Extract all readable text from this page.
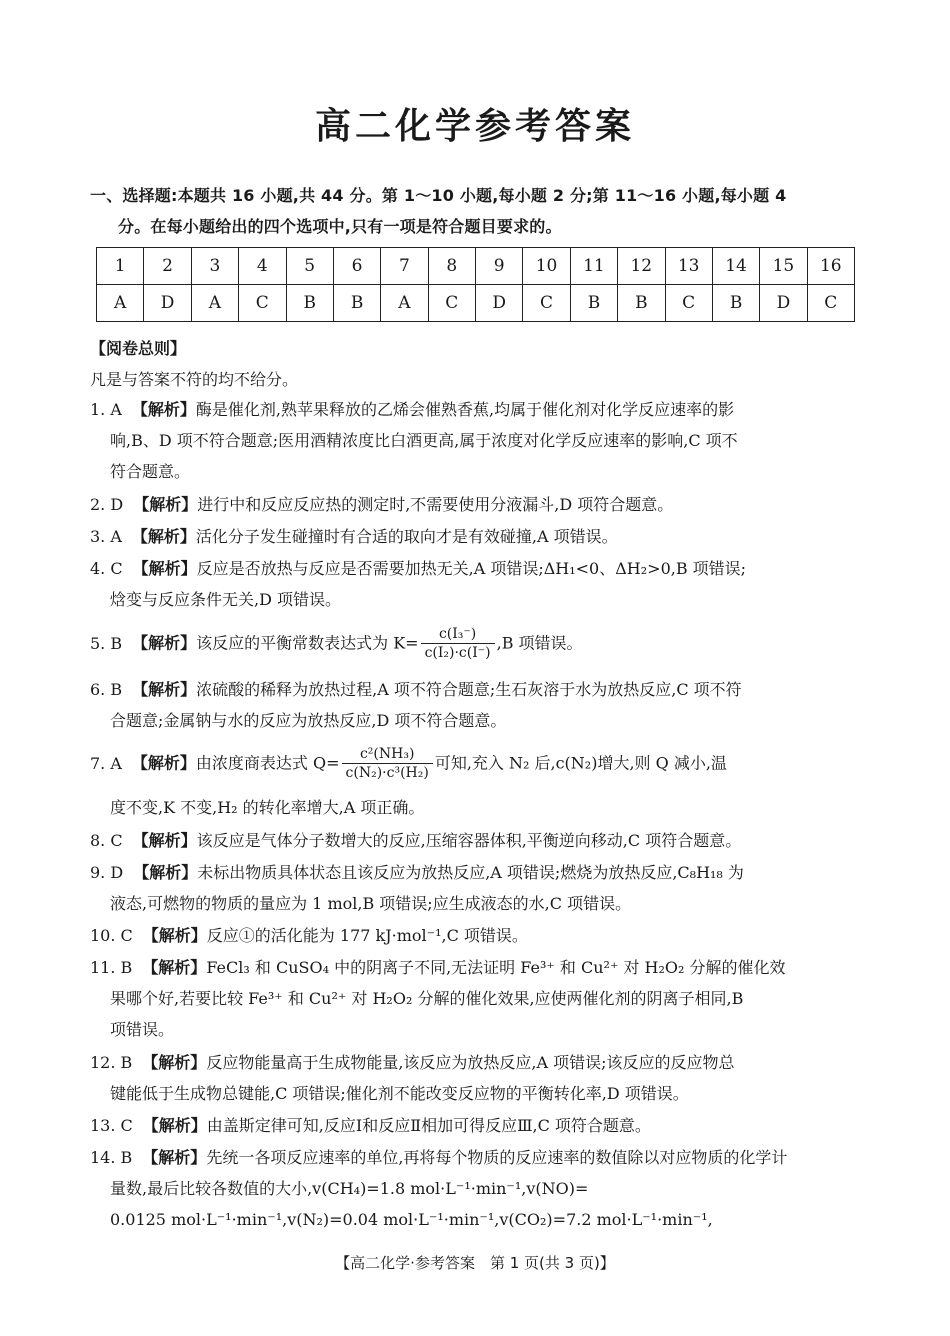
高二化学参考答案
一、选择题:本题共 16 小题,共 44 分。第 1～10 小题,每小题 2 分;第 11～16 小题,每小题 4
分。在每小题给出的四个选项中,只有一项是符合题目要求的。
1	2	3	4	5	6	7	8	9	10	11	12	13	14	15	16
A	D	A	C	B	B	A	C	D	C	B	B	C	B	D	C
【阅卷总则】
凡是与答案不符的均不给分。
1. A 【解析】酶是催化剂,熟苹果释放的乙烯会催熟香蕉,均属于催化剂对化学反应速率的影
响,B、D 项不符合题意;医用酒精浓度比白酒更高,属于浓度对化学反应速率的影响,C 项不
符合题意。
2. D 【解析】进行中和反应反应热的测定时,不需要使用分液漏斗,D 项符合题意。
3. A 【解析】活化分子发生碰撞时有合适的取向才是有效碰撞,A 项错误。
4. C 【解析】反应是否放热与反应是否需要加热无关,A 项错误;ΔH₁<0、ΔH₂>0,B 项错误;
焓变与反应条件无关,D 项错误。
5. B 【解析】该反应的平衡常数表达式为 $K= \frac{\text{c(I₃⁻)}}{\text{c(I₂)·c(I⁻)}} ,B$ 项错误。
6. B 【解析】浓硫酸的稀释为放热过程,A 项不符合题意;生石灰溶于水为放热反应,C 项不符
合题意;金属钠与水的反应为放热反应,D 项不符合题意。
7. A 【解析】由浓度商表达式 $Q= \frac{\text{c²(NH₃)}}{\text{c(N₂)·c³(H₂)}}$ 可知,充入 N₂ 后,c(N₂)增大,则 Q 减小,温
度不变,K 不变,H₂ 的转化率增大,A 项正确。
8. C 【解析】该反应是气体分子数增大的反应,压缩容器体积,平衡逆向移动,C 项符合题意。
9. D 【解析】未标出物质具体状态且该反应为放热反应,A 项错误;燃烧为放热反应,C₈H₁₈ 为
液态,可燃物的物质的量应为 1 mol,B 项错误;应生成液态的水,C 项错误。
10. C 【解析】反应①的活化能为 177 kJ·mol⁻¹,C 项错误。
11. B 【解析】FeCl₃ 和 CuSO₄ 中的阴离子不同,无法证明 Fe³⁺ 和 Cu²⁺ 对 H₂O₂ 分解的催化效
果哪个好,若要比较 Fe³⁺ 和 Cu²⁺ 对 H₂O₂ 分解的催化效果,应使两催化剂的阴离子相同,B
项错误。
12. B 【解析】反应物能量高于生成物能量,该反应为放热反应,A 项错误;该反应的反应物总
键能低于生成物总键能,C 项错误;催化剂不能改变反应物的平衡转化率,D 项错误。
13. C 【解析】由盖斯定律可知,反应Ⅰ和反应Ⅱ相加可得反应Ⅲ,C 项符合题意。
14. B 【解析】先统一各项反应速率的单位,再将每个物质的反应速率的数值除以对应物质的化学计
量数,最后比较各数值的大小,v(CH₄)=1.8 mol·L⁻¹·min⁻¹,v(NO)=
0.0125 mol·L⁻¹·min⁻¹,v(N₂)=0.04 mol·L⁻¹·min⁻¹,v(CO₂)=7.2 mol·L⁻¹·min⁻¹,
【高二化学·参考答案　第 1 页(共 3 页)】
